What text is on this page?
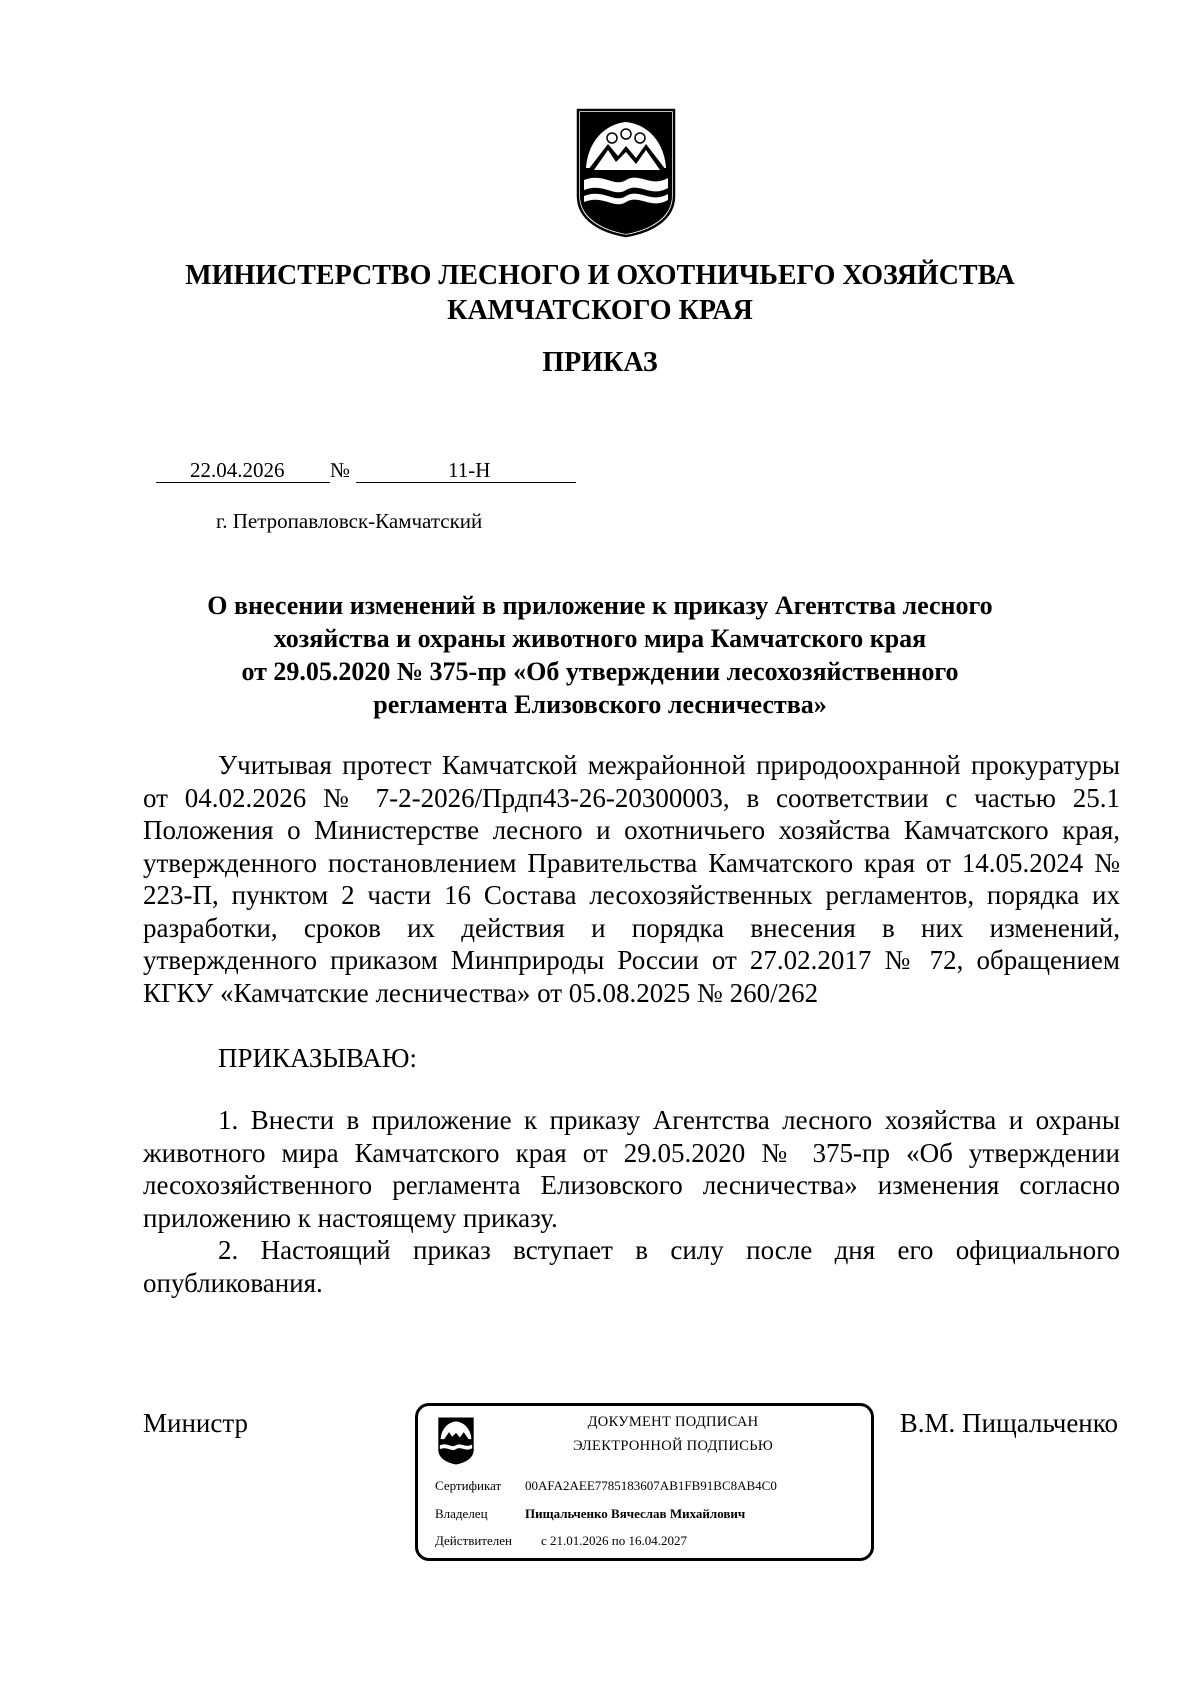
МИНИСТЕРСТВО ЛЕСНОГО И ОХОТНИЧЬЕГО ХОЗЯЙСТВА
КАМЧАТСКОГО КРАЯ
ПРИКАЗ
22.04.2026 №	11-Н
г. Петропавловск-Камчатский
О внесении изменений в приложение к приказу Агентства лесного
хозяйства и охраны животного мира Камчатского края
от 29.05.2020 № 375-пр «Об утверждении лесохозяйственного
регламента Елизовского лесничества»

Учитывая протест Камчатской межрайонной природоохранной прокуратуры от 04.02.2026 № 7-2-2026/Прдп43-26-20300003, в соответствии с частью 25.1 Положения о Министерстве лесного и охотничьего хозяйства Камчатского края, утвержденного постановлением Правительства Камчатского края от 14.05.2024 № 223-П, пунктом 2 части 16 Состава лесохозяйственных регламентов, порядка их разработки, сроков их действия и порядка внесения в них изменений, утвержденного приказом Минприроды России от 27.02.2017 № 72, обращением КГКУ «Камчатские лесничества» от 05.08.2025 № 260/262

ПРИКАЗЫВАЮ:

1. Внести в приложение к приказу Агентства лесного хозяйства и охраны животного мира Камчатского края от 29.05.2020 № 375-пр «Об утверждении лесохозяйственного регламента Елизовского лесничества» изменения согласно приложению к настоящему приказу.

2. Настоящий приказ вступает в силу после дня его официального опубликования.

Министр	В.М. Пищальченко
ДОКУМЕНТ ПОДПИСАН
ЭЛЕКТРОННОЙ ПОДПИСЬЮ
Сертификат 00AFA2AEE7785183607AB1FB91BC8AB4C0
Владелец	Пищальченко Вячеслав Михайлович
Действителен с 21.01.2026 по 16.04.2027
